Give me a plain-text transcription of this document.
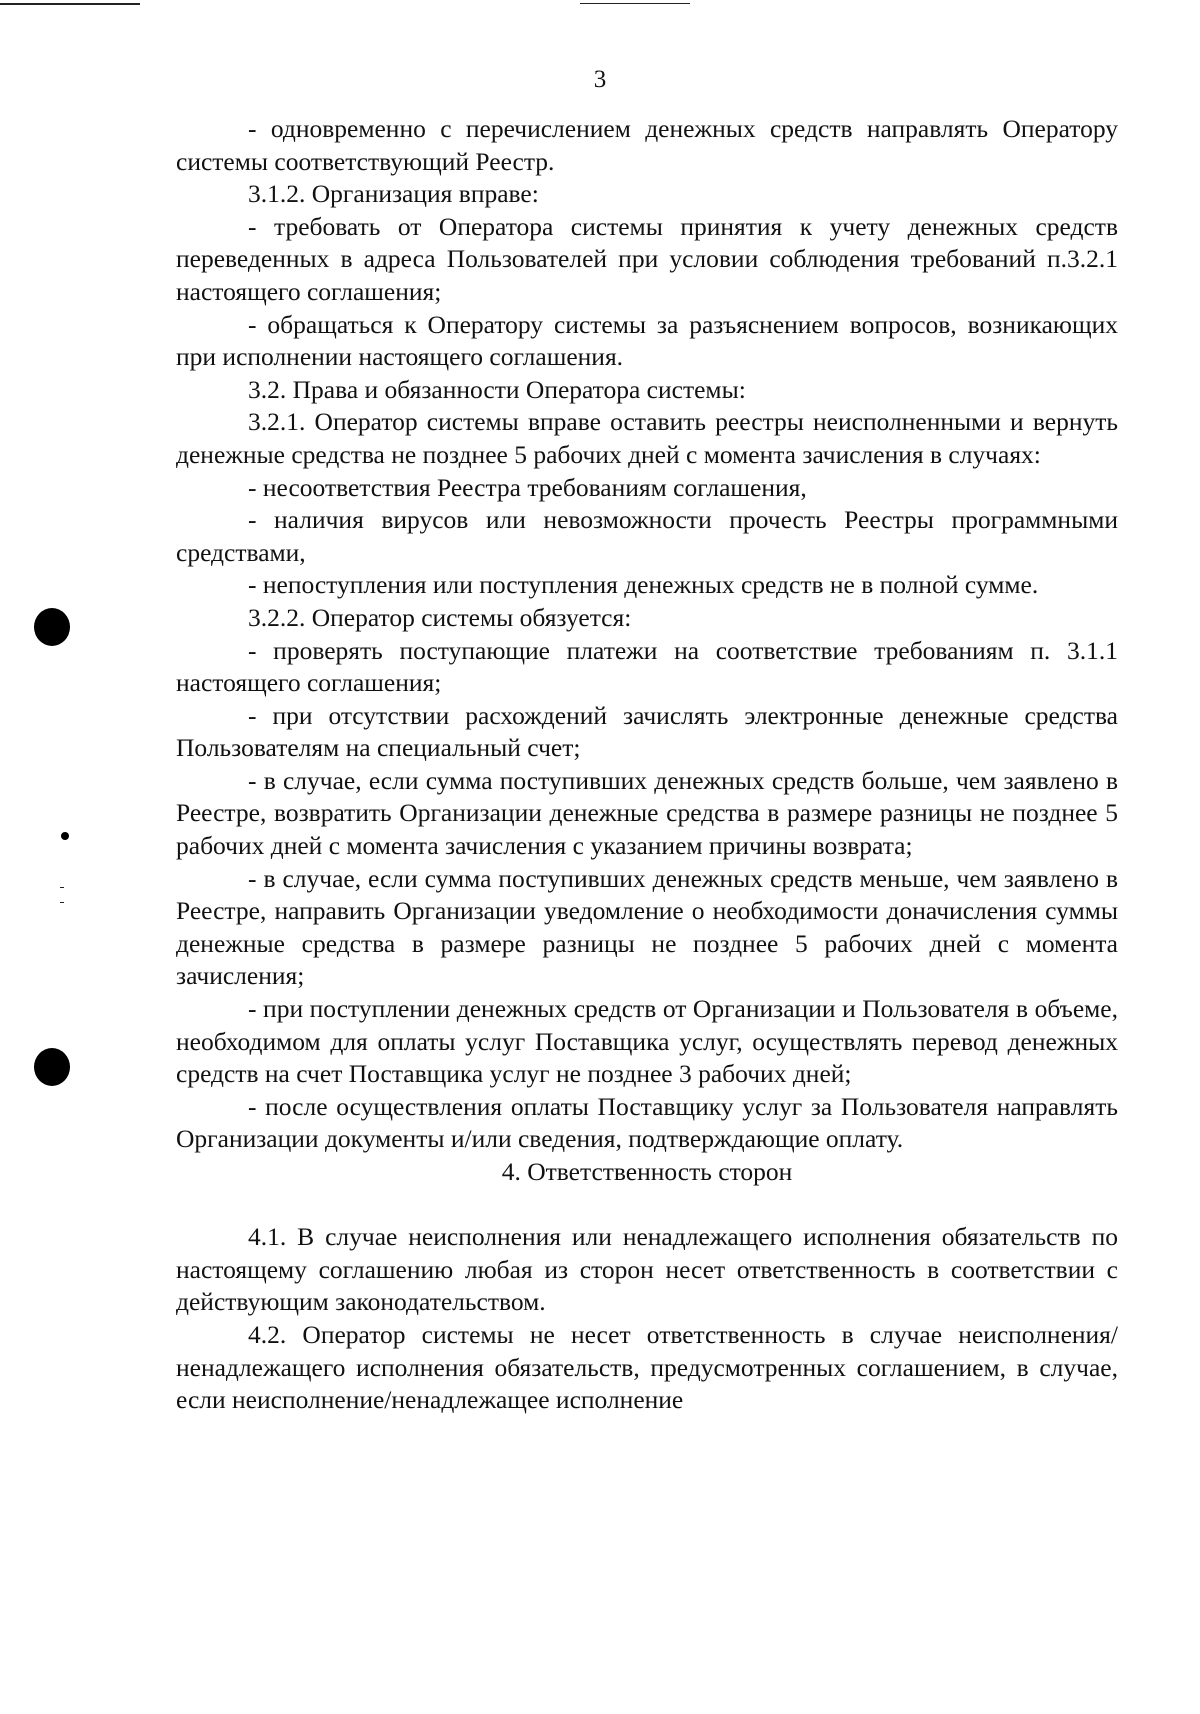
3

- одновременно с перечислением денежных средств направлять Оператору системы соответствующий Реестр.

3.1.2. Организация вправе:

- требовать от Оператора системы принятия к учету денежных средств переведенных в адреса Пользователей при условии соблюдения требований п.3.2.1 настоящего соглашения;

- обращаться к Оператору системы за разъяснением вопросов, возникающих при исполнении настоящего соглашения.

3.2. Права и обязанности Оператора системы:

3.2.1. Оператор системы вправе оставить реестры неисполненными и вернуть денежные средства не позднее 5 рабочих дней с момента зачисления в случаях:

- несоответствия Реестра требованиям соглашения,

- наличия вирусов или невозможности прочесть Реестры программными средствами,

- непоступления или поступления денежных средств не в полной сумме.

3.2.2. Оператор системы обязуется:

- проверять поступающие платежи на соответствие требованиям п. 3.1.1 настоящего соглашения;

- при отсутствии расхождений зачислять электронные денежные средства Пользователям на специальный счет;

- в случае, если сумма поступивших денежных средств больше, чем заявлено в Реестре, возвратить Организации денежные средства в размере разницы не позднее 5 рабочих дней с момента зачисления с указанием причины возврата;

- в случае, если сумма поступивших денежных средств меньше, чем заявлено в Реестре, направить Организации уведомление о необходимости доначисления суммы денежные средства в размере разницы не позднее 5 рабочих дней с момента зачисления;

- при поступлении денежных средств от Организации и Пользователя в объеме, необходимом для оплаты услуг Поставщика услуг, осуществлять перевод денежных средств на счет Поставщика услуг не позднее 3 рабочих дней;

- после осуществления оплаты Поставщику услуг за Пользователя направлять Организации документы и/или сведения, подтверждающие оплату.

4. Ответственность сторон

4.1. В случае неисполнения или ненадлежащего исполнения обязательств по настоящему соглашению любая из сторон несет ответственность в соответствии с действующим законодательством.

4.2. Оператор системы не несет ответственность в случае неисполнения/ненадлежащего исполнения обязательств, предусмотренных соглашением, в случае, если неисполнение/ненадлежащее исполнение
